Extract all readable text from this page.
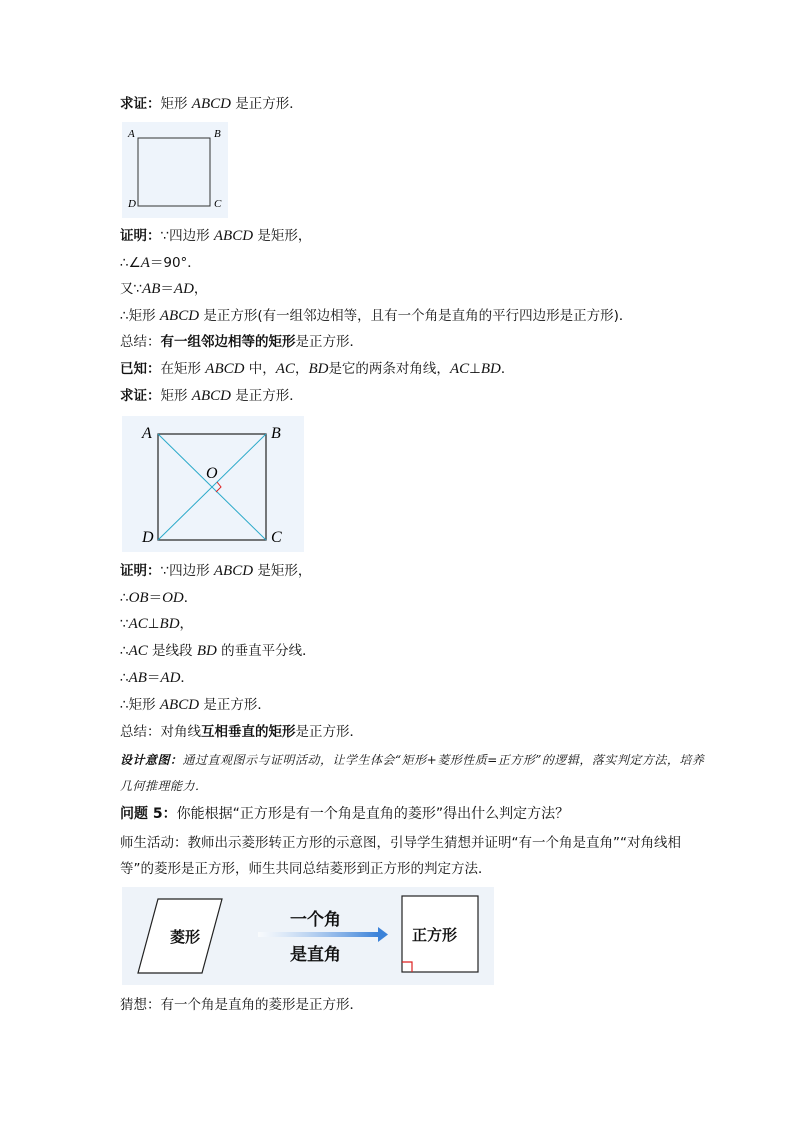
求证：矩形 ABCD 是正方形．
A	B
D	C
证明：∵四边形 ABCD 是矩形，
∴∠A＝90°．
又∵AB＝AD，
∴矩形 ABCD 是正方形(有一组邻边相等，且有一个角是直角的平行四边形是正方形)．
总结：有一组邻边相等的矩形是正方形．
已知：在矩形 ABCD 中，AC，BD是它的两条对角线，AC⊥BD．
求证：矩形 ABCD 是正方形．
A	B
D	C
O
证明：∵四边形 ABCD 是矩形，
∴OB＝OD．
∵AC⊥BD，
∴AC 是线段 BD 的垂直平分线．
∴AB＝AD．
∴矩形 ABCD 是正方形．
总结：对角线互相垂直的矩形是正方形．
设计意图：通过直观图示与证明活动，让学生体会“矩形+菱形性质=正方形”的逻辑，落实判定方法，培养几何推理能力．
问题 5：你能根据“正方形是有一个角是直角的菱形”得出什么判定方法？
师生活动：教师出示菱形转正方形的示意图，引导学生猜想并证明“有一个角是直角”“对角线相等”的菱形是正方形，师生共同总结菱形到正方形的判定方法．
菱形
一个角
是直角
正方形
猜想：有一个角是直角的菱形是正方形．
